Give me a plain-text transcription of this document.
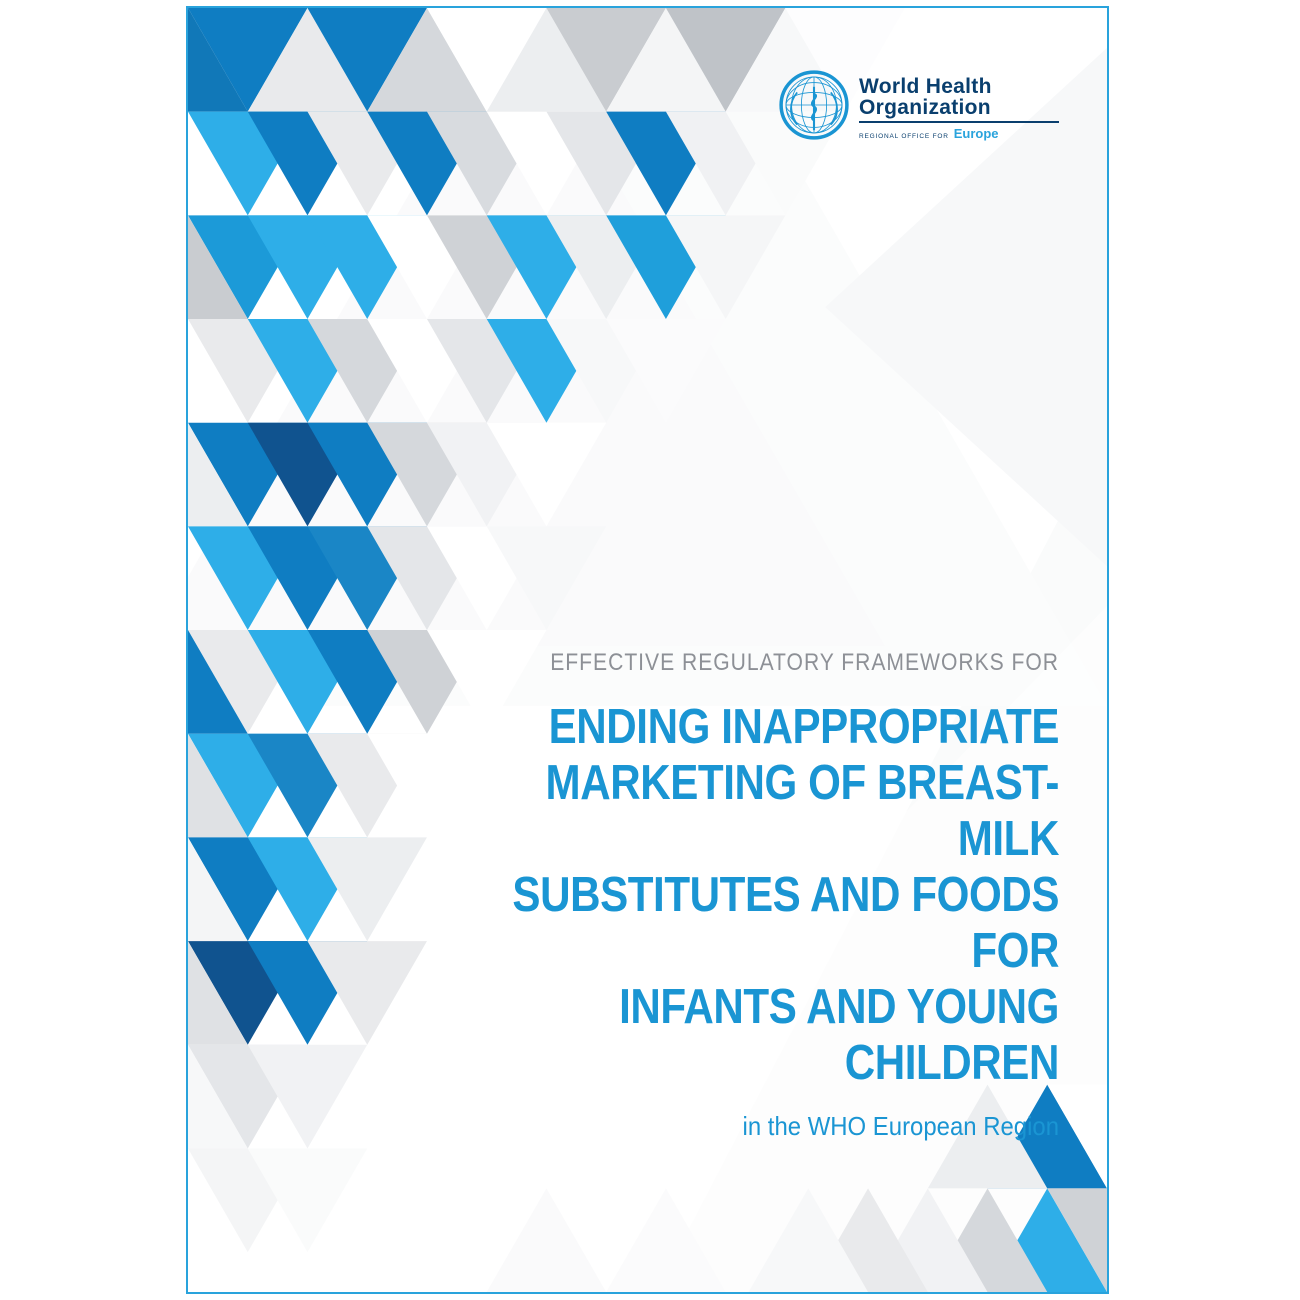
World Health
Organization
REGIONAL OFFICE FOR Europe
EFFECTIVE REGULATORY FRAMEWORKS FOR
ENDING INAPPROPRIATE
MARKETING OF BREAST-MILK
SUBSTITUTES AND FOODS FOR
INFANTS AND YOUNG CHILDREN
in the WHO European Region
